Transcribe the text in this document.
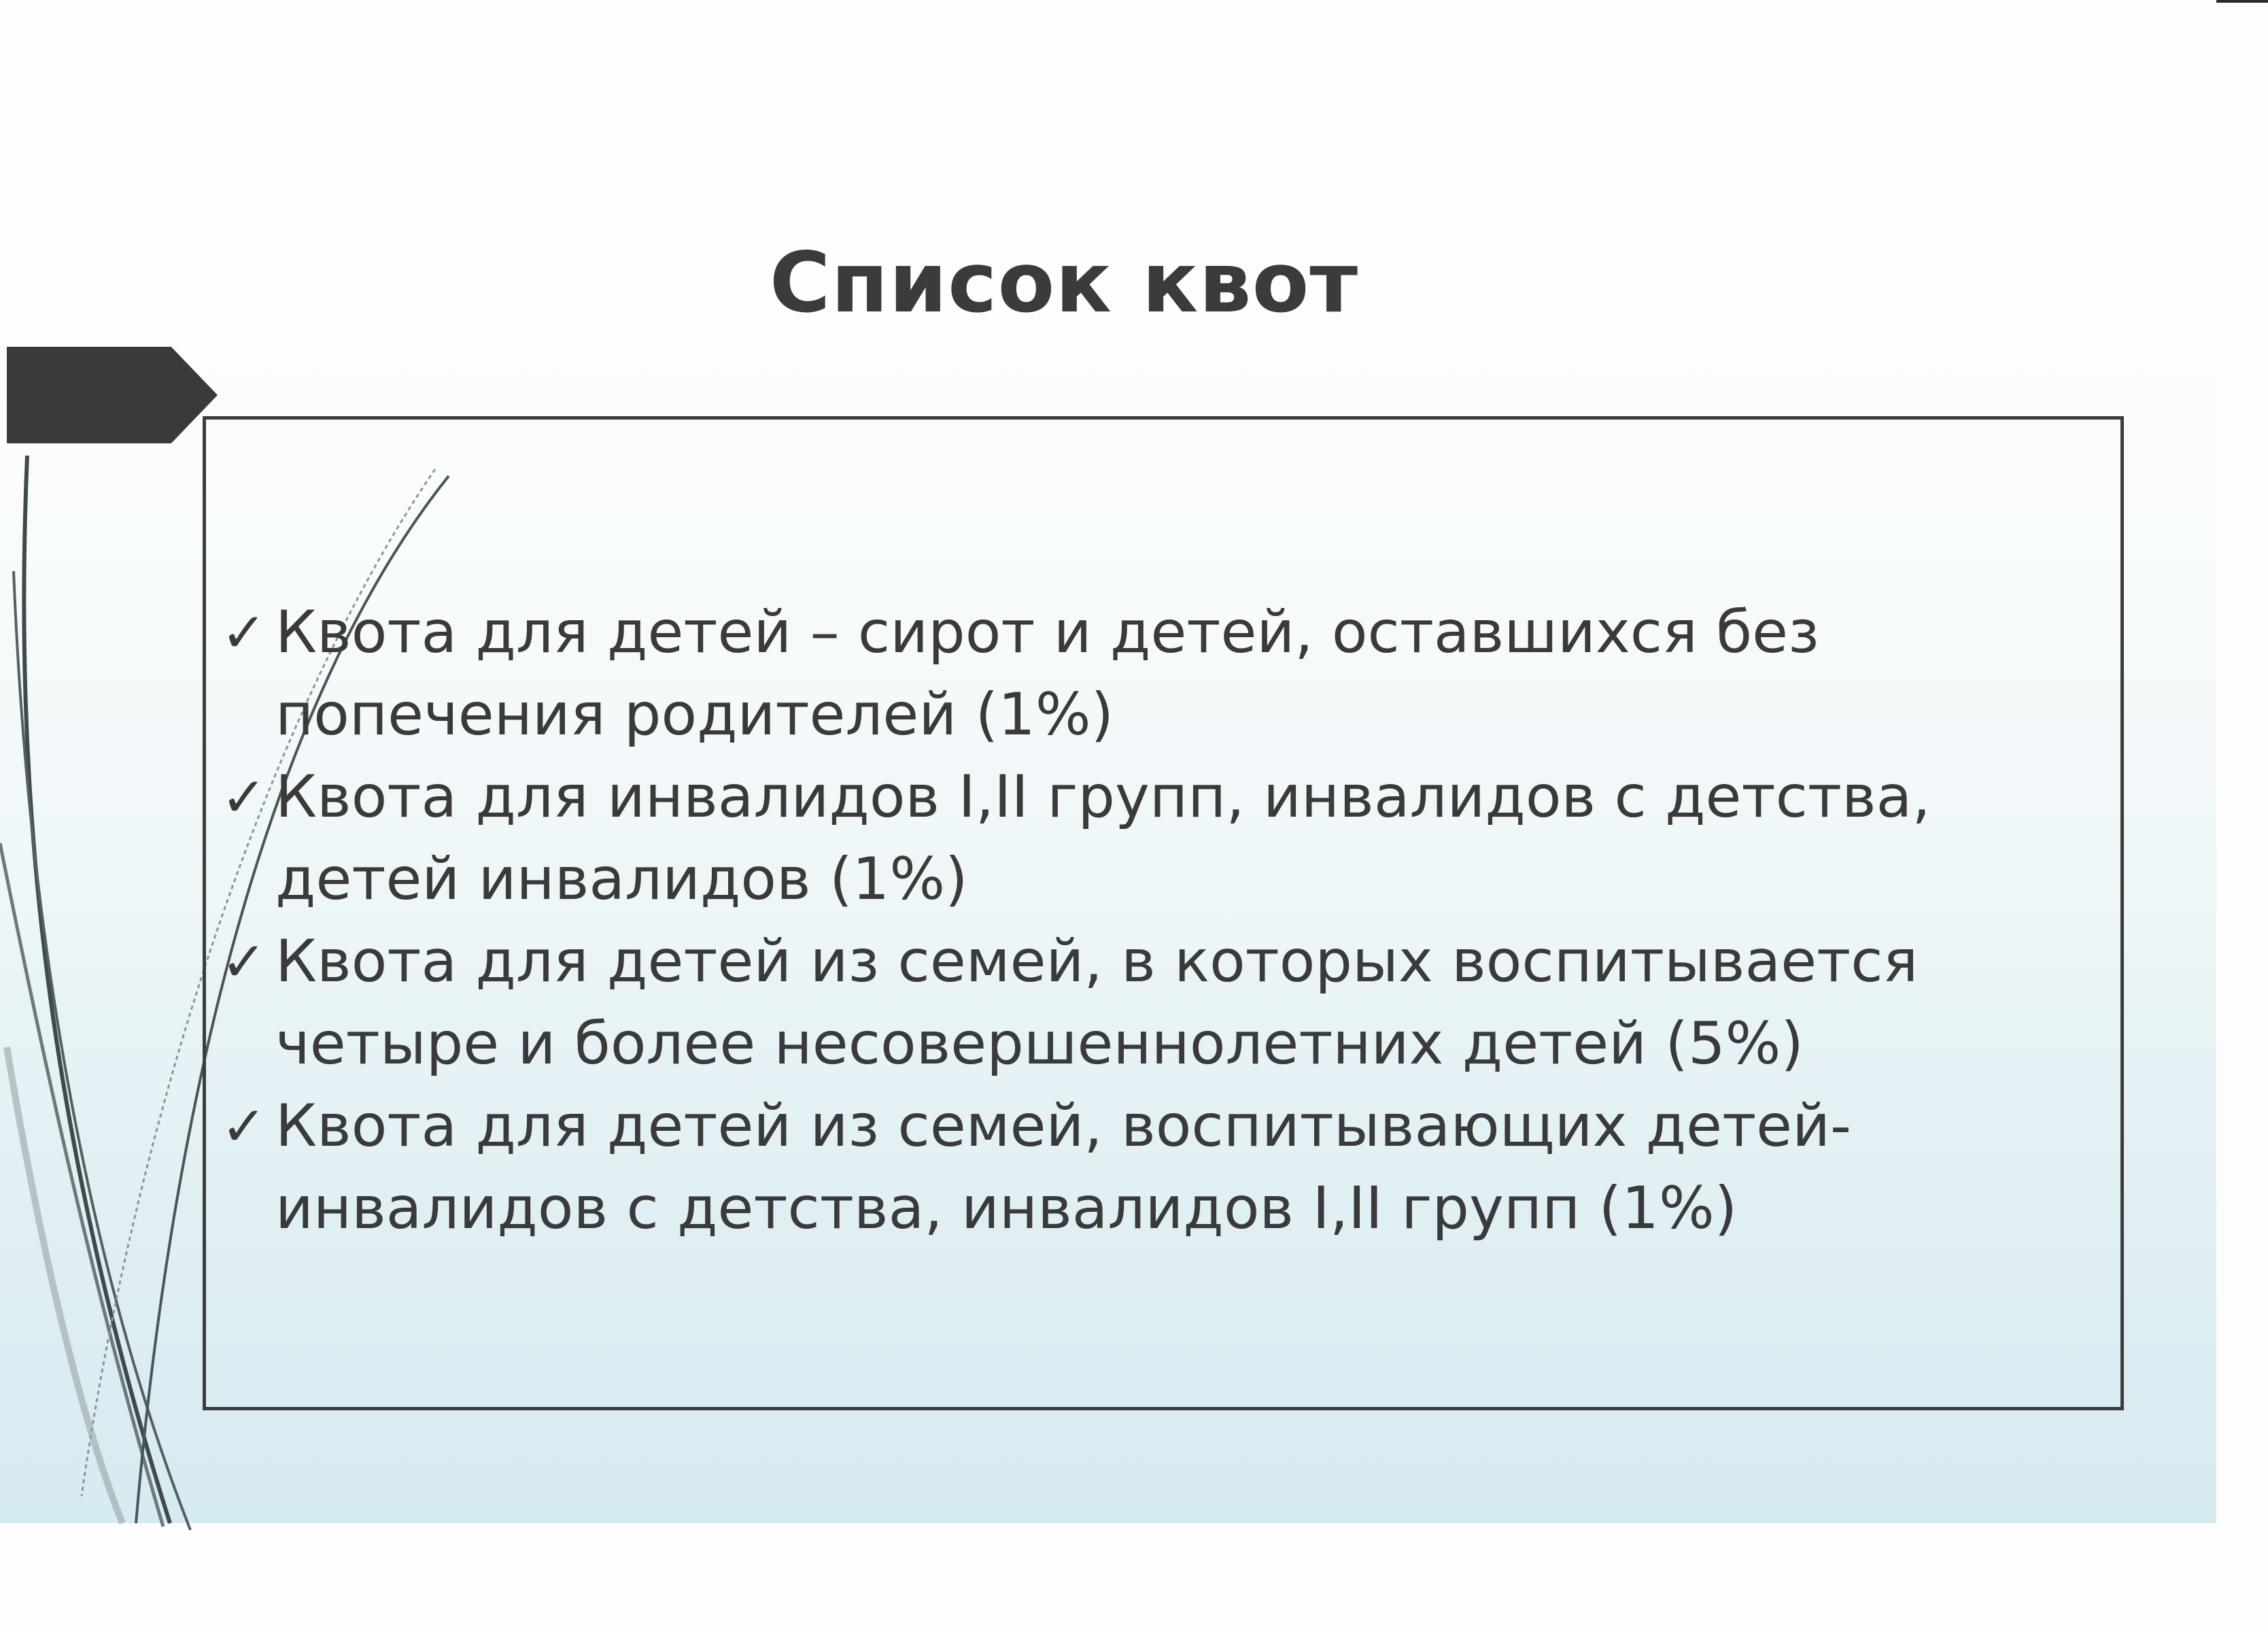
Список квот
✓ Квота для детей – сирот и детей, оставшихся без попечения родителей (1%)
✓ Квота для инвалидов I,II групп, инвалидов с детства, детей инвалидов (1%)
✓ Квота для детей из семей, в которых воспитывается четыре и более несовершеннолетних детей (5%)
✓ Квота для детей из семей, воспитывающих детей-инвалидов с детства, инвалидов I,II групп (1%)
